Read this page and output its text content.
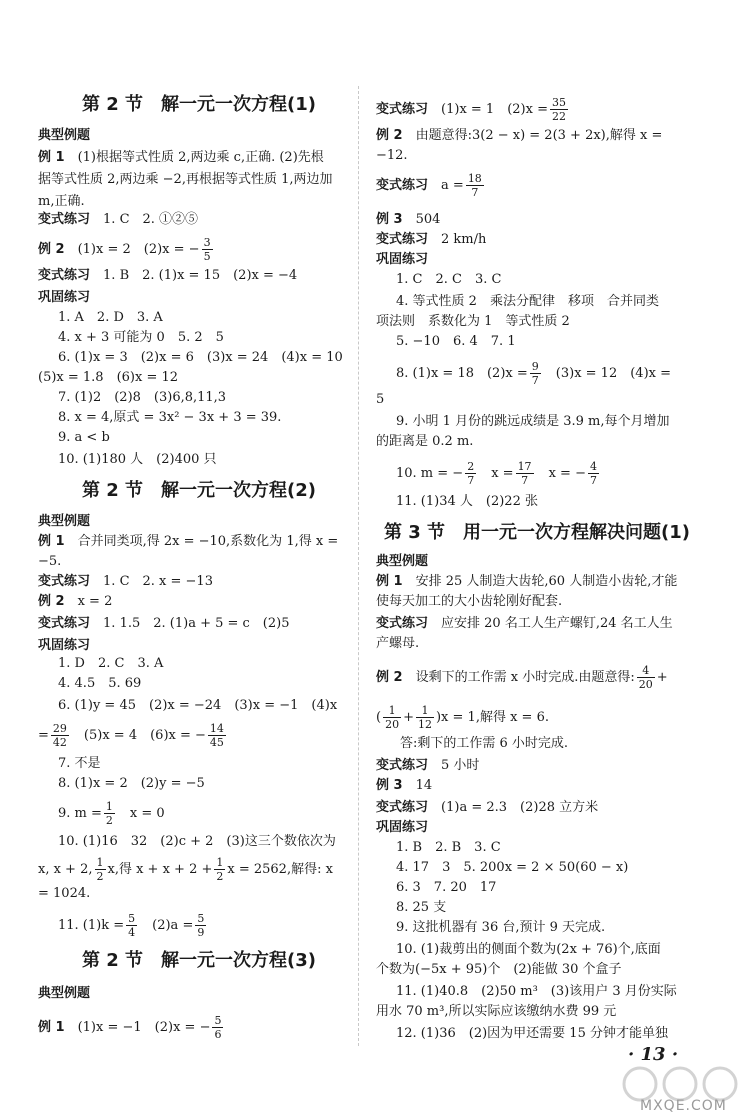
第 2 节　解一元一次方程(1)
典型例题
例 1　 (1)根据等式性质 2,两边乘 c,正确. (2)先根
据等式性质 2,两边乘 −2,再根据等式性质 1,两边加
m,正确.
变式练习　 1. C　2. ①②⑤
例 2　 (1)x = 2　(2)x = − $\frac{3}{5}$
变式练习　 1. B　2. (1)x = 15　(2)x = −4
巩固练习
1. A　2. D　3. A
4. x + 3 可能为 0　5. 2　5
6. (1)x = 3　(2)x = 6　(3)x = 24　(4)x = 10
(5)x = 1.8　(6)x = 12
7. (1)2　(2)8　(3)6,8,11,3
8. x = 4,原式 = 3x² − 3x + 3 = 39.
9. a < b
10. (1)180 人　(2)400 只
第 2 节　解一元一次方程(2)
典型例题
例 1　 合并同类项,得 2x = −10,系数化为 1,得 x =
−5.
变式练习　 1. C　2. x = −13
例 2　 x = 2
变式练习　 1. 1.5　2. (1)a + 5 = c　(2)5
巩固练习
1. D　2. C　3. A
4. 4.5　5. 69
6. (1)y = 45　(2)x = −24　(3)x = −1　(4)x
= $\frac{29}{42}$
　 (5)x = 4　(6)x = − $\frac{14}{45}$
7. 不是
8. (1)x = 2　(2)y = −5
9. $m = \frac{1}{2}$ 　x = 0
10. (1)16　32　(2)c + 2　(3)这三个数依次为
x, x + 2, $\frac{1}{2} x$,得 $x + x + 2 + \frac{1}{2}$ x = 2562,解得: x
= 1024.
11. $(1)k = \frac{5}{4}$
　 $(2)a = \frac{5}{9}$
第 2 节　解一元一次方程(3)
典型例题
例 1　 (1)x = −1　(2)x = − $\frac{5}{6}$
变式练习　 (1)x = 1　$(2)x = \frac{35}{22}$
例 2　 由题意得:3(2 − x) = 2(3 + 2x),解得 x =
−12.
变式练习　 $a = \frac{18}{7}$
例 3　 504
变式练习　 2 km/h
巩固练习
1. C　2. C　3. C
4. 等式性质 2　乘法分配律　移项　合并同类
项法则　系数化为 1　等式性质 2
5. −10　6. 4　7. 1
8. (1)x = 18　$(2)x = \frac{9}{7}$
　 (3)x = 12　(4)x =
5
9. 小明 1 月份的跳远成绩是 3.9 m,每个月增加
的距离是 0.2 m.
10. m = − $\frac{2}{7}$
　 $x = \frac{17}{7}$
　 x = − $\frac{4}{7}$
11. (1)34 人　(2)22 张
第 3 节　用一元一次方程解决问题(1)
典型例题
例 1　 安排 25 人制造大齿轮,60 人制造小齿轮,才能
使每天加工的大小齿轮刚好配套.
变式练习　 应安排 20 名工人生产螺钉,24 名工人生
产螺母.
例 2　 设剩下的工作需 x 小时完成.由题意得: $\frac{4}{20}$ +
( $\frac{1}{20} + \frac{1}{12} )x = 1$,解得 x = 6.
答:剩下的工作需 6 小时完成.
变式练习　 5 小时
例 3　 14
变式练习　 (1)a = 2.3　(2)28 立方米
巩固练习
1. B　2. B　3. C
4. 17　3　5. 200x = 2 × 50(60 − x)
6. 3　7. 20　17
8. 25 支
9. 这批机器有 36 台,预计 9 天完成.
10. (1)裁剪出的侧面个数为(2x + 76)个,底面
个数为(−5x + 95)个　(2)能做 30 个盒子
11. (1)40.8　(2)50 m³　(3)该用户 3 月份实际
用水 70 m³,所以实际应该缴纳水费 99 元
12. (1)36　(2)因为甲还需要 15 分钟才能单独
· 13 ·
MXQE.COM
